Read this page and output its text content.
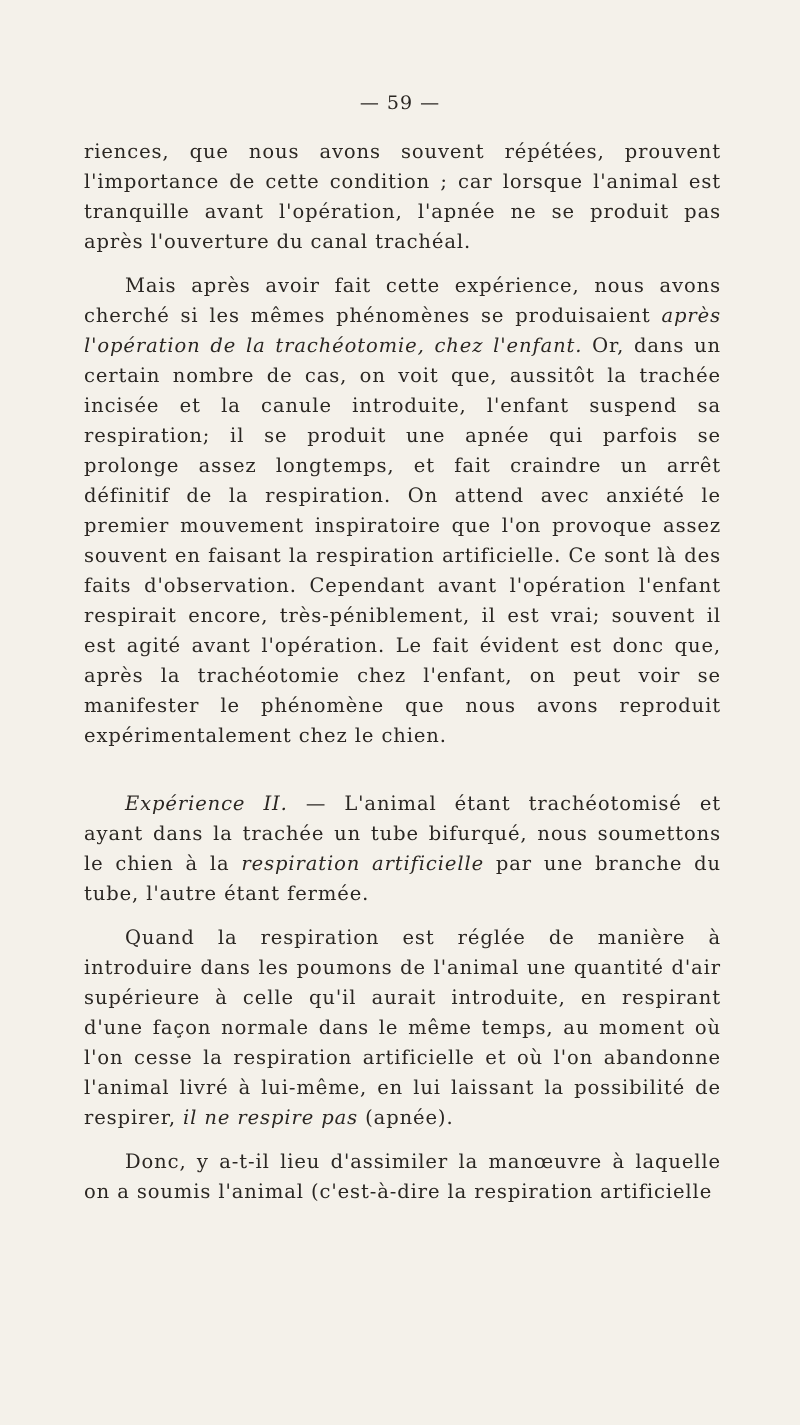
— 59 —

riences, que nous avons souvent répétées, prouvent l'importance de cette condition ; car lorsque l'animal est tranquille avant l'opération, l'apnée ne se produit pas après l'ouverture du canal trachéal.

Mais après avoir fait cette expérience, nous avons cherché si les mêmes phénomènes se produisaient après l'opération de la trachéotomie, chez l'enfant. Or, dans un certain nombre de cas, on voit que, aussitôt la trachée incisée et la canule introduite, l'enfant suspend sa respiration; il se produit une apnée qui parfois se prolonge assez longtemps, et fait craindre un arrêt définitif de la respiration. On attend avec anxiété le premier mouvement inspiratoire que l'on provoque assez souvent en faisant la respiration artificielle. Ce sont là des faits d'observation. Cependant avant l'opération l'enfant respirait encore, très-péniblement, il est vrai; souvent il est agité avant l'opération. Le fait évident est donc que, après la trachéotomie chez l'enfant, on peut voir se manifester le phénomène que nous avons reproduit expérimentalement chez le chien.

Expérience II. — L'animal étant trachéotomisé et ayant dans la trachée un tube bifurqué, nous soumettons le chien à la respiration artificielle par une branche du tube, l'autre étant fermée.

Quand la respiration est réglée de manière à introduire dans les poumons de l'animal une quantité d'air supérieure à celle qu'il aurait introduite, en respirant d'une façon normale dans le même temps, au moment où l'on cesse la respiration artificielle et où l'on abandonne l'animal livré à lui-même, en lui laissant la possibilité de respirer, il ne respire pas (apnée).

Donc, y a-t-il lieu d'assimiler la manœuvre à laquelle on a soumis l'animal (c'est-à-dire la respiration artificielle
